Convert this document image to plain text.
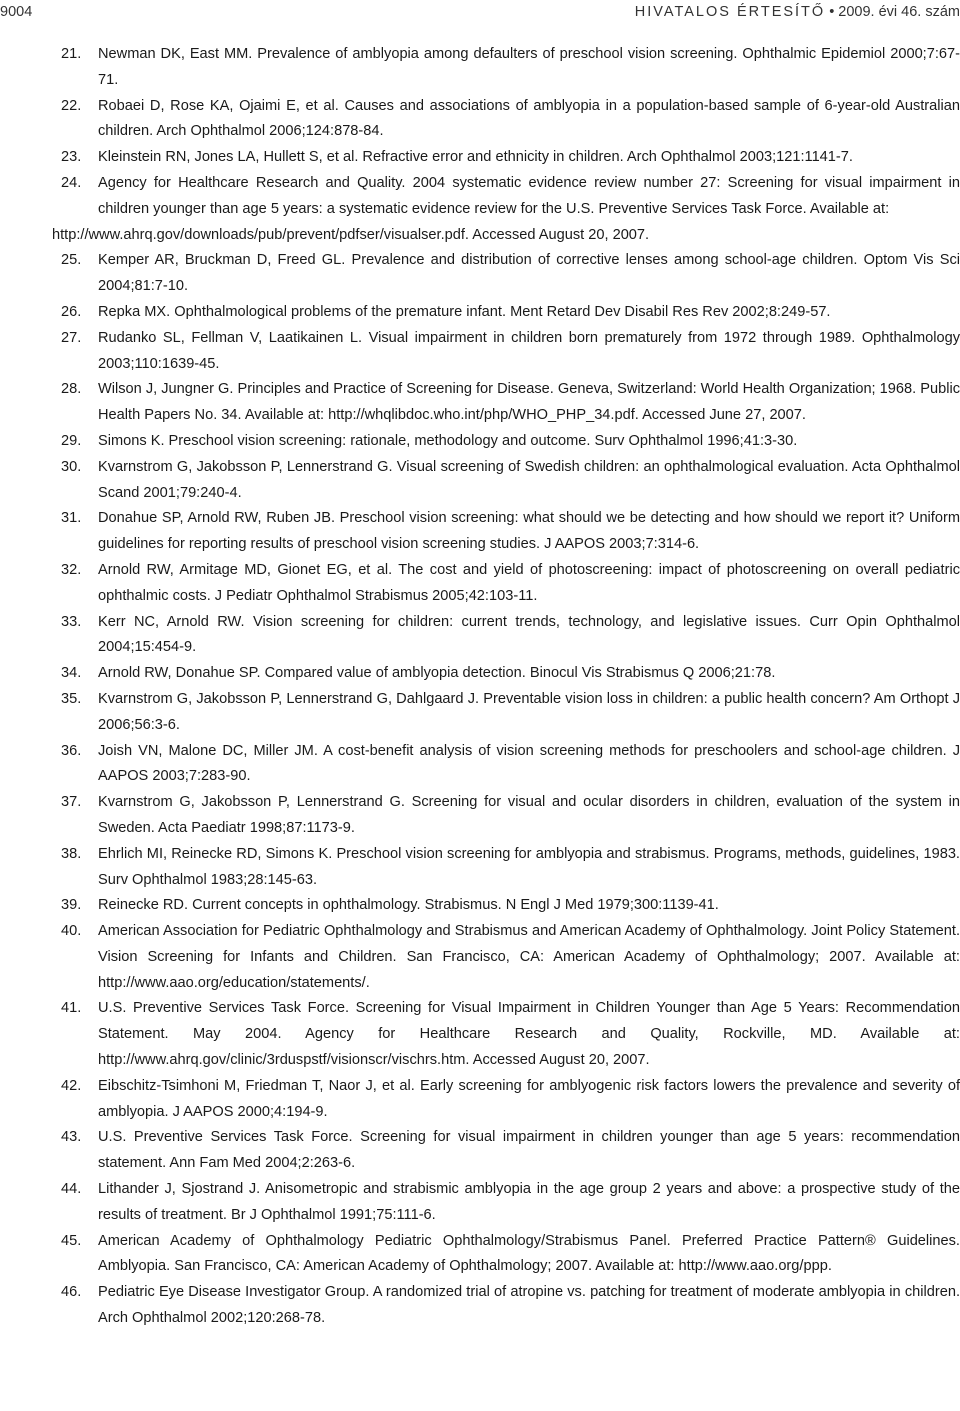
9004	HIVATALOS ÉRTESÍTŐ • 2009. évi 46. szám

21. Newman DK, East MM. Prevalence of amblyopia among defaulters of preschool vision screening. Ophthalmic Epidemiol 2000;7:67-71.

22. Robaei D, Rose KA, Ojaimi E, et al. Causes and associations of amblyopia in a population-based sample of 6-year-old Australian children. Arch Ophthalmol 2006;124:878-84.

23. Kleinstein RN, Jones LA, Hullett S, et al. Refractive error and ethnicity in children. Arch Ophthalmol 2003;121:1141-7.

24. Agency for Healthcare Research and Quality. 2004 systematic evidence review number 27: Screening for visual impairment in children younger than age 5 years: a systematic evidence review for the U.S. Preventive Services Task Force. Available at:

http://www.ahrq.gov/downloads/pub/prevent/pdfser/visualser.pdf. Accessed August 20, 2007.

25. Kemper AR, Bruckman D, Freed GL. Prevalence and distribution of corrective lenses among school-age children. Optom Vis Sci 2004;81:7-10.

26. Repka MX. Ophthalmological problems of the premature infant. Ment Retard Dev Disabil Res Rev 2002;8:249-57.

27. Rudanko SL, Fellman V, Laatikainen L. Visual impairment in children born prematurely from 1972 through 1989. Ophthalmology 2003;110:1639-45.

28. Wilson J, Jungner G. Principles and Practice of Screening for Disease. Geneva, Switzerland: World Health Organization; 1968. Public Health Papers No. 34. Available at: http://whqlibdoc.who.int/php/WHO_PHP_34.pdf. Accessed June 27, 2007.

29. Simons K. Preschool vision screening: rationale, methodology and outcome. Surv Ophthalmol 1996;41:3-30.

30. Kvarnstrom G, Jakobsson P, Lennerstrand G. Visual screening of Swedish children: an ophthalmological evaluation. Acta Ophthalmol Scand 2001;79:240-4.

31. Donahue SP, Arnold RW, Ruben JB. Preschool vision screening: what should we be detecting and how should we report it? Uniform guidelines for reporting results of preschool vision screening studies. J AAPOS 2003;7:314-6.

32. Arnold RW, Armitage MD, Gionet EG, et al. The cost and yield of photoscreening: impact of photoscreening on overall pediatric ophthalmic costs. J Pediatr Ophthalmol Strabismus 2005;42:103-11.

33. Kerr NC, Arnold RW. Vision screening for children: current trends, technology, and legislative issues. Curr Opin Ophthalmol 2004;15:454-9.

34. Arnold RW, Donahue SP. Compared value of amblyopia detection. Binocul Vis Strabismus Q 2006;21:78.

35. Kvarnstrom G, Jakobsson P, Lennerstrand G, Dahlgaard J. Preventable vision loss in children: a public health concern? Am Orthopt J 2006;56:3-6.

36. Joish VN, Malone DC, Miller JM. A cost-benefit analysis of vision screening methods for preschoolers and school-age children. J AAPOS 2003;7:283-90.

37. Kvarnstrom G, Jakobsson P, Lennerstrand G. Screening for visual and ocular disorders in children, evaluation of the system in Sweden. Acta Paediatr 1998;87:1173-9.

38. Ehrlich MI, Reinecke RD, Simons K. Preschool vision screening for amblyopia and strabismus. Programs, methods, guidelines, 1983. Surv Ophthalmol 1983;28:145-63.

39. Reinecke RD. Current concepts in ophthalmology. Strabismus. N Engl J Med 1979;300:1139-41.

40. American Association for Pediatric Ophthalmology and Strabismus and American Academy of Ophthalmology. Joint Policy Statement. Vision Screening for Infants and Children. San Francisco, CA: American Academy of Ophthalmology; 2007. Available at: http://www.aao.org/education/statements/.

41. U.S. Preventive Services Task Force. Screening for Visual Impairment in Children Younger than Age 5 Years: Recommendation Statement. May 2004. Agency for Healthcare Research and Quality, Rockville, MD. Available at: http://www.ahrq.gov/clinic/3rduspstf/visionscr/vischrs.htm. Accessed August 20, 2007.

42. Eibschitz-Tsimhoni M, Friedman T, Naor J, et al. Early screening for amblyogenic risk factors lowers the prevalence and severity of amblyopia. J AAPOS 2000;4:194-9.

43. U.S. Preventive Services Task Force. Screening for visual impairment in children younger than age 5 years: recommendation statement. Ann Fam Med 2004;2:263-6.

44. Lithander J, Sjostrand J. Anisometropic and strabismic amblyopia in the age group 2 years and above: a prospective study of the results of treatment. Br J Ophthalmol 1991;75:111-6.

45. American Academy of Ophthalmology Pediatric Ophthalmology/Strabismus Panel. Preferred Practice Pattern® Guidelines. Amblyopia. San Francisco, CA: American Academy of Ophthalmology; 2007. Available at: http://www.aao.org/ppp.

46. Pediatric Eye Disease Investigator Group. A randomized trial of atropine vs. patching for treatment of moderate amblyopia in children. Arch Ophthalmol 2002;120:268-78.
